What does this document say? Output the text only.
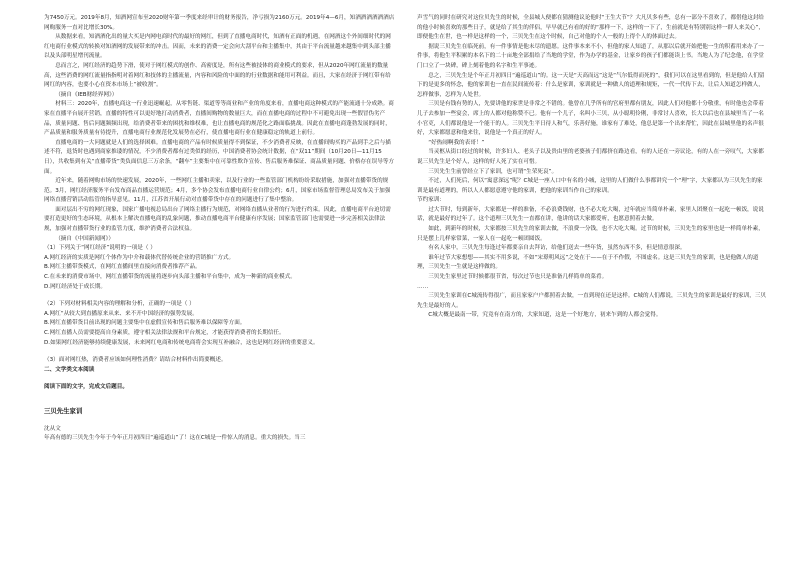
为7450万元。2019年8月，知酒网宣布至2020财年第一季度来经审计的财务报告，净亏损为2160万元。2019年4—6月，知酒酒酒酒酒酒店网购服务一直对比增长30%。

从数据来看，知酒酒化出的量大买是内网电商时代的最好的网红，但到了直播电商时代，知酒有正面的机遇，在网酒这个外间细时代的网红电商行业模式的转换对知酒网的发展带来的冲击。因而，未来的消费一定会向大刮平台和主播集中，其由于平台流量越来越集中到头部主播以及头部明星增刊流量。

总而言之，网红经济的趋势下滑，使对于网红模式的创作、高密度是，所有这些被技体的商业模式的要求，但从2020年网红流量的数量高，这些消费的网红流量指指明对着网红和技体的主播流量，内容和风险的中面的的行业数据和能用可利益。而且，大家在经济于网红带有给网红的内容，也要小心在资本市场上“被收割”。

（摘自《IEB财经界网》）

材料三：2020年，直播电商这一行业迅速崛起，从零售链、渠道等等商业和产业的角度来看，直播电商这种模式的产能流通十分成熟。商家在直播平台展开营销，直播的特性可以更好地打动消费者，直播间购物的数量巨大，而在直播电商的过程中不可避免出现一些假冒伪劣产品，质量问题、售后问题频频出现，给消费者带来的困扰和维权难，也让直播电商的规范化之路面临挑战。因此在直播电商蓬勃发展的同时，产品质量和服务质量有待提升，直播电商行业规范化发展势在必行，使直播电商行业在健康稳定的轨道上前行。

直播电商的一大问题就是人们的选择困难。直播电商的产品有时候质量得不到保证，不少消费者反映，在直播间购买的产品到手之后与描述不符，退货时也遇到商家推诿的情况，不少消费者都有过类似的经历，中国消费者协会统计数据，在“双11”期间（10月20日—11月15日），共收集到有关“直播带货”类负面信息三万余条，“翻车”主要集中在可靠性欺诈宣传、售后服务难保证、商品质量问题、价格存在误导等方面。

近年来，随着网购市场的快速发展，2020年，一些网红主播和卖家，以及行业的一些监管部门机构纷纷采取措施，加强对直播带货的规范。3月，网红经济服务平台发布商品直播运营规范；4月，多个协会发布直播电商行业自律公约；6月，国家市场监督管理总局发布关于加强网络直播营销活动监管的指导意见。11月，江苏省开展行动对直播带货中存在的问题进行了集中整治。

面对层出不穷的网红现象，国家广播电视总局出台了网络主播行为规范，对网络直播从业者的行为进行约束。因此，直播电商平台迫切需要打造更好的生态环境，从根本上解决直播电商的乱象问题，推动直播电商平台健康有序发展；国家监管部门也需要进一步完善相关法律法规，加强对直播带货行业的监管力度，维护消费者合法权益。

（摘自《中国新闻网》）

（1）下列关于“网红经济”说明的一项是（ ）

A.网红经济的实质是网红个体作为中介和载体代替传统企业的营销推广方式。

B.网红主播带货模式，在网红直播间里直接向消费者推荐产品。

C.在未来的消费市场中，网红直播带货的流量将逐步向头部主播和平台集中，成为一种新的商业模式。

D.网红经济处于成长期。

（2）下列对材料相关内容的理解和分析，正确的一项是（ ）

A.网红“从较大到直播原来从来、来不开中国经济的强势发展。

B.网红直播带货目前出现的问题主要集中在虚假宣传和售后服务难以保障等方面。

C.网红直播人员需要提高自身素质，遵守相关法律法规和平台规定，才能获得消费者的长期信任。

D.如果网红经济能够持续健康发展，未来网红电商和传统电商将会实现互补融合，这也是网红经济的重要意义。

（3）面对网红热，消费者应该如何理性消费？请结合材料作出简要概述。

二、文学类文本阅读

阅读下面的文字，完成文后题目。

三贝先生家训

沈从文

年高有德的三贝先生今年于今年正月初四日“遍巡道山”了！这在C城是一件惊人的消息。重大的损失。当三

声雪气的同时在研究对这位贝先生的时候，全县城人便都在猜测他议论他时“王生大节”？大凡贝多有些，总有一部分不喜欢了，都借他这封给的他小时候喜欢的那些日子，就是给了其生的伴侣，早早就已有看的好的“那样一下，这样的一下了，生前就是有特别别这样一群人来关心”，即便他生在世，也一样是这样的一个，三贝先生在这个时候，自己对他的个人一般的上得个人的体面过去。

据说三贝先生在临死前，有一件事情是他未尽的遗愿。这件事本来不小，但他的家人知道了，从那以后就开始把他一生的积蓄用来办了一件事，将他生平积累的本名下的二十亩地全部捐给了当地的学堂，作为办学的基金，让家乡的孩子们都能读上书。当地人为了纪念他，在学堂门口立了一块碑，碑上刻着他的名字和生平事迹。

总之，三贝先生是个年正月初四日“遍巡道山”的。这一天是“天高而远”这是“气尔低得而死的”，我们可以在这里看到的，但是他给人们留下的是更多的怀念，他的家训也一直在民间流传着：什么是家训，家训就是一种做人的道理和规矩，一代一代传下去，让后人知道怎样做人，怎样做事，怎样为人处世。

三贝是有钱有势的人，先要讲他的家世是非常之不错的。他曾在几乎所有的官府里都有朋友，因此人们对他都十分敬重，有时他也会带着儿子去参加一些宴会，席上的人都对他称赞不已。他有一个儿子，名叫小三贝，从小聪明伶俐，非常讨人喜欢，长大以后也在县城里当了一名小官吏，人们都说他是一个能干的人。三贝先生平日待人和气，乐善好施，谁家有了难处，他总是第一个出来帮忙，因此在县城里他的名声很好，大家都愿意和他来往，说他是一个真正的好人。

“好热闹啊我的表哥！”

当灵柩从街口经过的时候，许多妇人、老头子以及贵由里的老婆孩子们都挤在路边看，有的人还在一旁议论，有的人在一旁叹气，大家都说三贝先生是个好人，这样的好人死了实在可惜。

三贝先生生前曾经立下了家训，也可谓“生荣死哀”。

不过，人们死后，何以“寓意深远”呢？C城是一座人口中有名的小城，这里的人们做什么事都讲究一个“理”字，大家都认为三贝先生的家训是最有道理的，所以人人都愿意遵守他的家训，把他的家训当作自己的家训。

节约家训：

过大节时，每到新年，大家都是一样的准备，不必浪费钱财，也不必大吃大喝，过年就应当简单朴素，家里人团聚在一起吃一顿饭，说说话，就是最好的过年了。这个道理三贝先生一直都在讲，他讲的话大家都爱听，也愿意照着去做。

如此，到新年的时候，大家都按三贝先生的家训去做，不浪费一分钱，也不大吃大喝。过节的时候，三贝先生的家里也是一样简单朴素，只是摆上几样家常菜，一家人在一起吃一顿团圆饭。

有名人家中，三贝先生每逢过年都要亲自去拜访，给他们送去一些年货，虽然东西不多，但是情意很深。

谁年过节大家想想——其实不用多说，不如“宋璟明风远”之处在于——在于不作假，不图虚名。这是三贝先生的家训，也是他做人的道理，三贝先生一生就是这样做的。

三贝先生家里过节时候都很节省，每次过节也只是准备几样简单的菜肴。

……

三贝先生家训在C城流传得很广，而且家家户户都照着去做，一直到现在还是这样。C城的人们都说，三贝先生的家训是最好的家训，三贝先生是最好的人。

C城大概是最南一带，究竟有在南方的，大家知道，这是一个好地方，初来乍到的人都会觉得。
